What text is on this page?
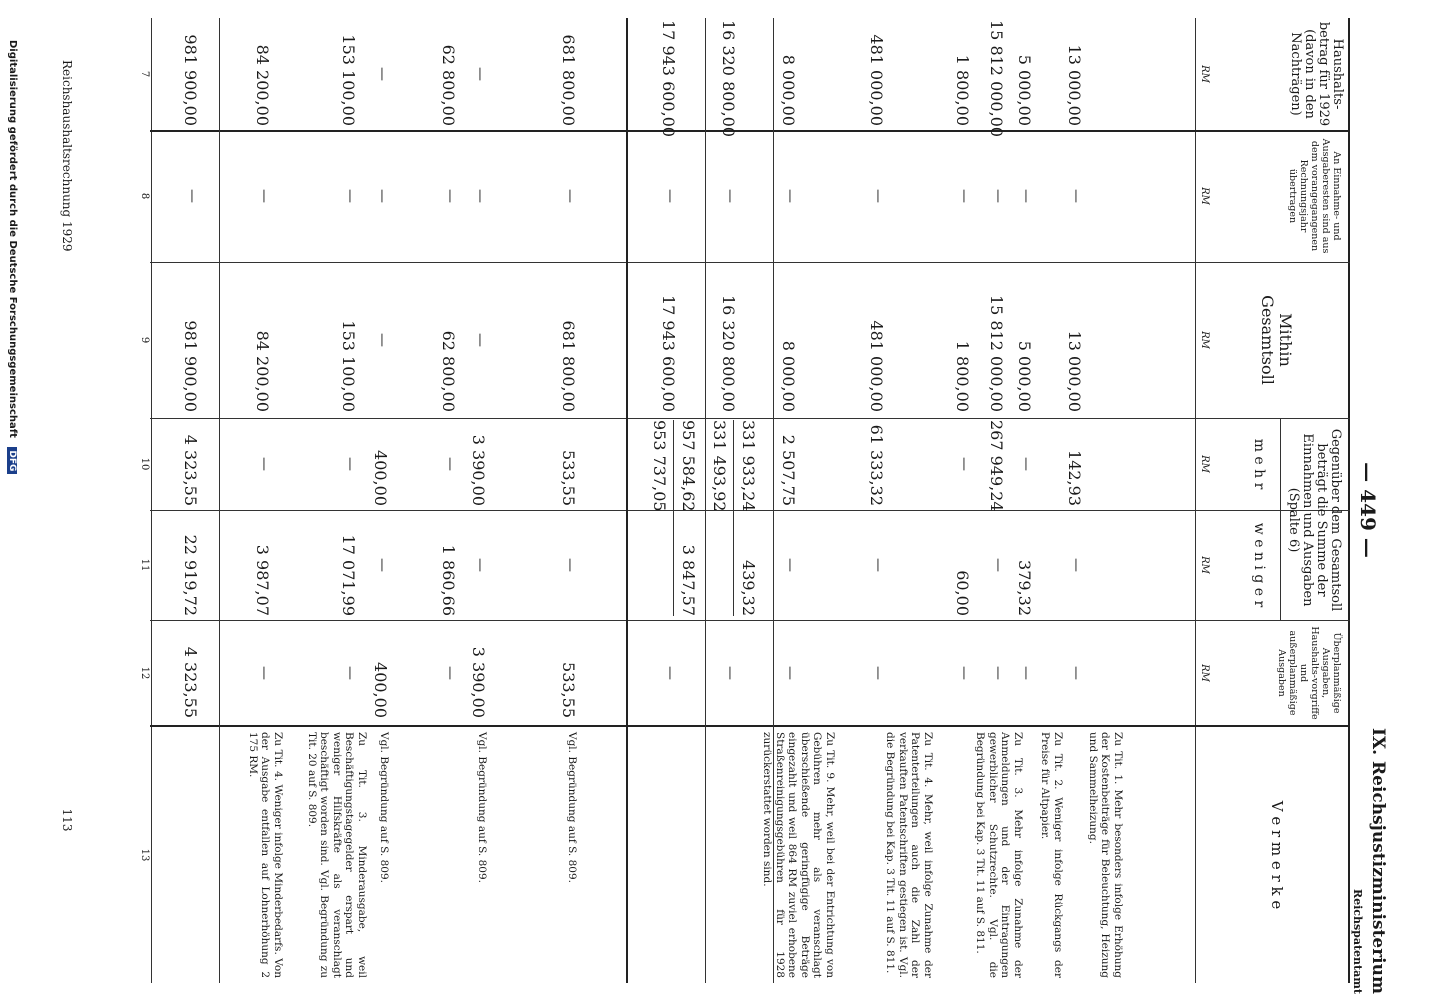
— 449 —
IX. Reichsjustizministerium
Reichspatentamt
Haushalts-betrag für 1929 (davon in den Nachträgen)
An Einnahme- und Ausgaberesten sind aus dem vorangegangenen Rechnungsjahr übertragen
Mithin Gesamtsoll
Gegenüber dem Gesamtsoll beträgt die Summe der Einnahmen und Ausgaben (Spalte 6)
m e h r
w e n i g e r
Überplanmäßige Ausgaben, Haushalts-vorgriffe und außerplanmäßige Ausgaben
V e r m e r k e
RM
RM
RM
RM
RM
RM
7
8
9
10
11
12
13
13 000,00
—
13 000,00
142,93
—
—
5 000,00
—
5 000,00
—
379,32
—
15 812 000,00
—
15 812 000,00
267 949,24
—
—
1 800,00
—
1 800,00
—
60,00
—
481 000,00
—
481 000,00
61 333,32
—
—
8 000,00
—
8 000,00
2 507,75
—
—
16 320 800,00
—
16 320 800,00
331 933,24
439,32
331 493,92
—
17 943 600,00
—
17 943 600,00
957 584,62
3 847,57
953 737,05
—
681 800,00
—
681 800,00
533,55
—
533,55
—
—
—
3 390,00
—
3 390,00
62 800,00
—
62 800,00
—
1 860,66
—
—
—
—
400,00
—
400,00
153 100,00
—
153 100,00
—
17 071,99
—
84 200,00
—
84 200,00
—
3 987,07
—
981 900,00
—
981 900,00
4 323,55
22 919,72
4 323,55
Zu Tit. 1. Mehr besonders infolge Erhöhung der Kostenbeiträge für Beleuchtung, Heizung und Sammelheizung.
Zu Tit. 2. Weniger infolge Rückgangs der Preise für Altpapier.
Zu Tit. 3. Mehr infolge Zunahme der Anmeldungen und der Eintragungen gewerblicher Schutzrechte. Vgl. die Begründung bei Kap. 3 Tit. 11 auf S. 811.
Zu Tit. 4. Mehr, weil infolge Zunahme der Patenterteilungen auch die Zahl der verkauften Patentschriften gestiegen ist. Vgl. die Begründung bei Kap. 3 Tit. 11 auf S. 811.
Zu Tit. 9. Mehr, weil bei der Entrichtung von Gebühren mehr als veranschlagt überschießende geringfügige Beträge eingezahlt und weil 864 RM zuviel erhobene Straßenreinigungsgebühren für 1928 zurückerstattet worden sind.
Vgl. Begründung auf S. 809.
Vgl. Begründung auf S. 809.
Vgl. Begründung auf S. 809.
Zu Tit. 3. Minderausgabe, weil Beschäftigungstagegelder erspart und weniger Hilfskräfte als veranschlagt beschäftigt worden sind. Vgl. Begründung zu Tit. 20 auf S. 809.
Zu Tit. 4. Weniger infolge Minderbedarfs. Von der Ausgabe entfallen auf Lohnerhöhung 2 175 RM.
Reichshaushaltsrechnung 1929
113
Digitalisierung gefördert durch die Deutsche Forschungsgemeinschaft DFG
